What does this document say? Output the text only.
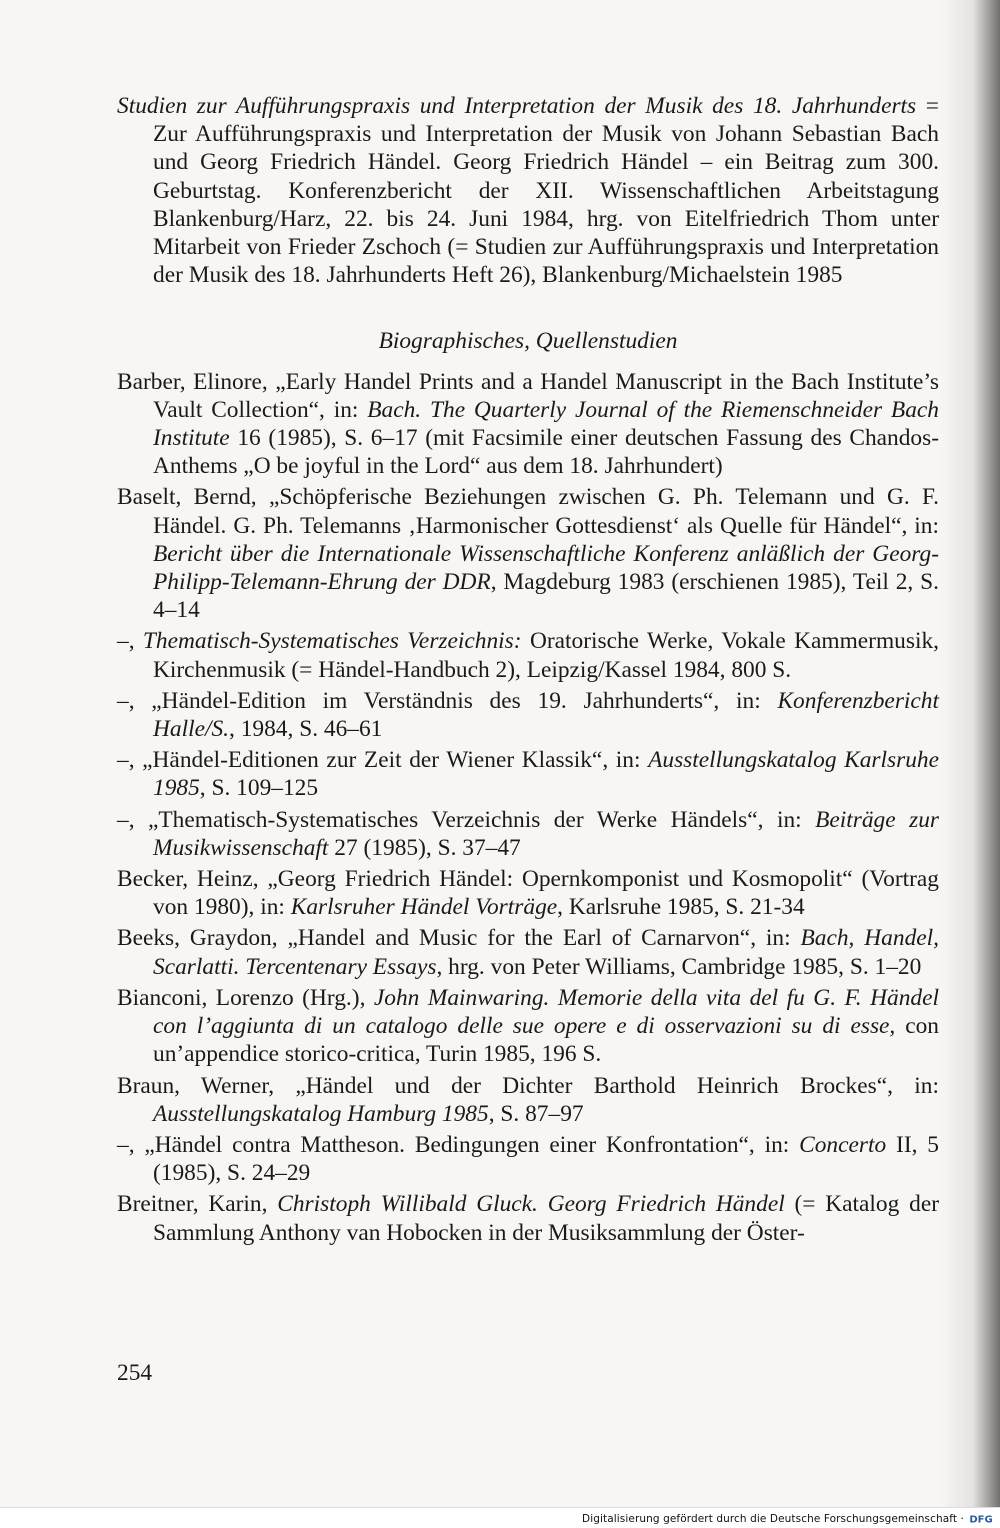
Studien zur Aufführungspraxis und Interpretation der Musik des 18. Jahrhunderts = Zur Aufführungspraxis und Interpretation der Musik von Johann Sebastian Bach und Georg Friedrich Händel. Georg Friedrich Händel – ein Beitrag zum 300. Geburtstag. Konferenzbericht der XII. Wissenschaftlichen Arbeitstagung Blankenburg/Harz, 22. bis 24. Juni 1984, hrg. von Eitelfriedrich Thom unter Mitarbeit von Frieder Zschoch (= Studien zur Aufführungspraxis und Interpretation der Musik des 18. Jahrhunderts Heft 26), Blankenburg/Michaelstein 1985

Biographisches, Quellenstudien

Barber, Elinore, „Early Handel Prints and a Handel Manuscript in the Bach Institute’s Vault Collection“, in: Bach. The Quarterly Journal of the Riemenschneider Bach Institute 16 (1985), S. 6–17 (mit Facsimile einer deutschen Fassung des Chandos-Anthems „O be joyful in the Lord“ aus dem 18. Jahrhundert)

Baselt, Bernd, „Schöpferische Beziehungen zwischen G. Ph. Telemann und G. F. Händel. G. Ph. Telemanns ‚Harmonischer Gottesdienst‘ als Quelle für Händel“, in: Bericht über die Internationale Wissenschaftliche Konferenz anläßlich der Georg-Philipp-Telemann-Ehrung der DDR, Magdeburg 1983 (erschienen 1985), Teil 2, S. 4–14

–, Thematisch-Systematisches Verzeichnis: Oratorische Werke, Vokale Kammermusik, Kirchenmusik (= Händel-Handbuch 2), Leipzig/Kassel 1984, 800 S.

–, „Händel-Edition im Verständnis des 19. Jahrhunderts“, in: Konferenzbericht Halle/S., 1984, S. 46–61

–, „Händel-Editionen zur Zeit der Wiener Klassik“, in: Ausstellungskatalog Karlsruhe 1985, S. 109–125

–, „Thematisch-Systematisches Verzeichnis der Werke Händels“, in: Beiträge zur Musikwissenschaft 27 (1985), S. 37–47

Becker, Heinz, „Georg Friedrich Händel: Opernkomponist und Kosmopolit“ (Vortrag von 1980), in: Karlsruher Händel Vorträge, Karlsruhe 1985, S. 21-34

Beeks, Graydon, „Handel and Music for the Earl of Carnarvon“, in: Bach, Handel, Scarlatti. Tercentenary Essays, hrg. von Peter Williams, Cambridge 1985, S. 1–20

Bianconi, Lorenzo (Hrg.), John Mainwaring. Memorie della vita del fu G. F. Händel con l’aggiunta di un catalogo delle sue opere e di osservazioni su di esse, con un’appendice storico-critica, Turin 1985, 196 S.

Braun, Werner, „Händel und der Dichter Barthold Heinrich Brockes“, in: Ausstellungskatalog Hamburg 1985, S. 87–97

–, „Händel contra Mattheson. Bedingungen einer Konfrontation“, in: Concerto II, 5 (1985), S. 24–29

Breitner, Karin, Christoph Willibald Gluck. Georg Friedrich Händel (= Katalog der Sammlung Anthony van Hobocken in der Musiksammlung der Öster-

254
Digitalisierung gefördert durch die Deutsche Forschungsgemeinschaft · DFG
